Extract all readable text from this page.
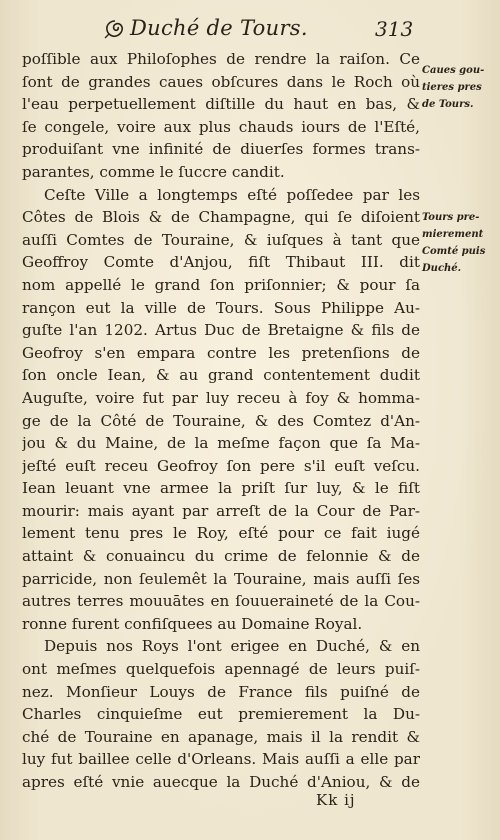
Duché de Tours.	313
poſſible aux Philoſophes de rendre la raiſon. Ce
ſont de grandes caues obſcures dans le Roch où
l'eau perpetuellement diſtille du haut en bas, &
ſe congele, voire aux plus chauds iours de l'Eſté,
produiſant vne infinité de diuerſes formes trans-
parantes, comme le ſuccre candit.
Ceſte Ville a longtemps eſté poſſedee par les
Côtes de Blois & de Champagne, qui ſe diſoient
auſſi Comtes de Touraine, & iuſques à tant que
Geoffroy Comte d'Anjou, fiſt Thibaut III. dit
nom appellé le grand ſon priſonnier; & pour ſa
rançon eut la ville de Tours. Sous Philippe Au-
guſte l'an 1202. Artus Duc de Bretaigne & fils de
Geofroy s'en empara contre les pretenſions de
ſon oncle Iean, & au grand contentement dudit
Auguſte, voire fut par luy receu à foy & homma-
ge de la Côté de Touraine, & des Comtez d'An-
jou & du Maine, de la meſme façon que ſa Ma-
jeſté euſt receu Geofroy ſon pere s'il euſt veſcu.
Iean leuant vne armee la priſt ſur luy, & le fiſt
mourir: mais ayant par arreſt de la Cour de Par-
lement tenu pres le Roy, eſté pour ce fait iugé
attaint & conuaincu du crime de felonnie & de
parricide, non ſeulemêt la Touraine, mais auſſi ſes
autres terres mouuātes en ſouueraineté de la Cou-
ronne furent confiſquees au Domaine Royal.
Depuis nos Roys l'ont erigee en Duché, & en
ont meſmes quelquefois apennagé de leurs puiſ-
nez. Monſieur Louys de France fils puiſné de
Charles cinquieſme eut premierement la Du-
ché de Touraine en apanage, mais il la rendit &
luy fut baillee celle d'Orleans. Mais auſſi a elle par
apres eſté vnie auecque la Duché d'Aniou, & de
Caues gou-
tieres pres
de Tours.
Tours pre-
mierement
Comté puis
Duché.
Kk ij
